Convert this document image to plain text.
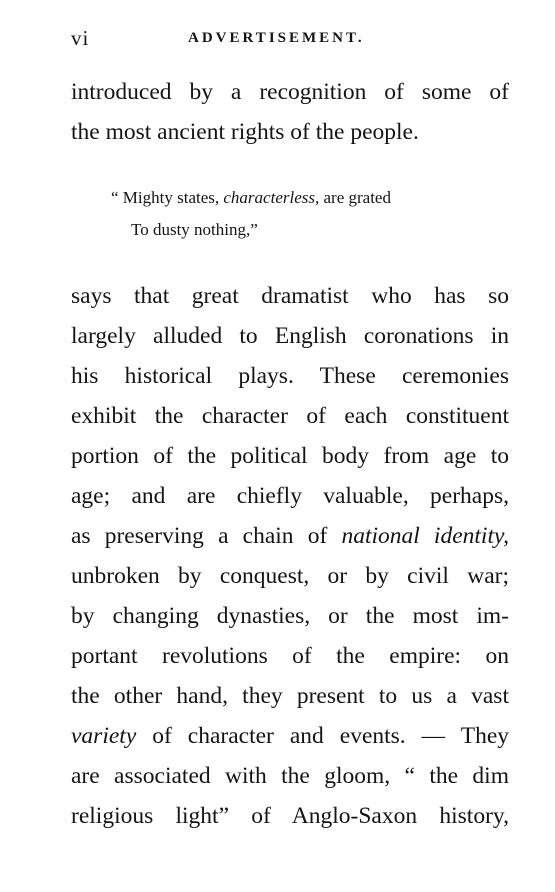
vi	ADVERTISEMENT.
introduced by a recognition of some of
the most ancient rights of the people.
“ Mighty states, characterless, are grated
To dusty nothing,”
says that great dramatist who has so
largely alluded to English coronations in
his historical plays. These ceremonies
exhibit the character of each constituent
portion of the political body from age to
age; and are chiefly valuable, perhaps,
as preserving a chain of national identity,
unbroken by conquest, or by civil war;
by changing dynasties, or the most im-
portant revolutions of the empire: on
the other hand, they present to us a vast
variety of character and events. — They
are associated with the gloom, “ the dim
religious light” of Anglo-Saxon history,
